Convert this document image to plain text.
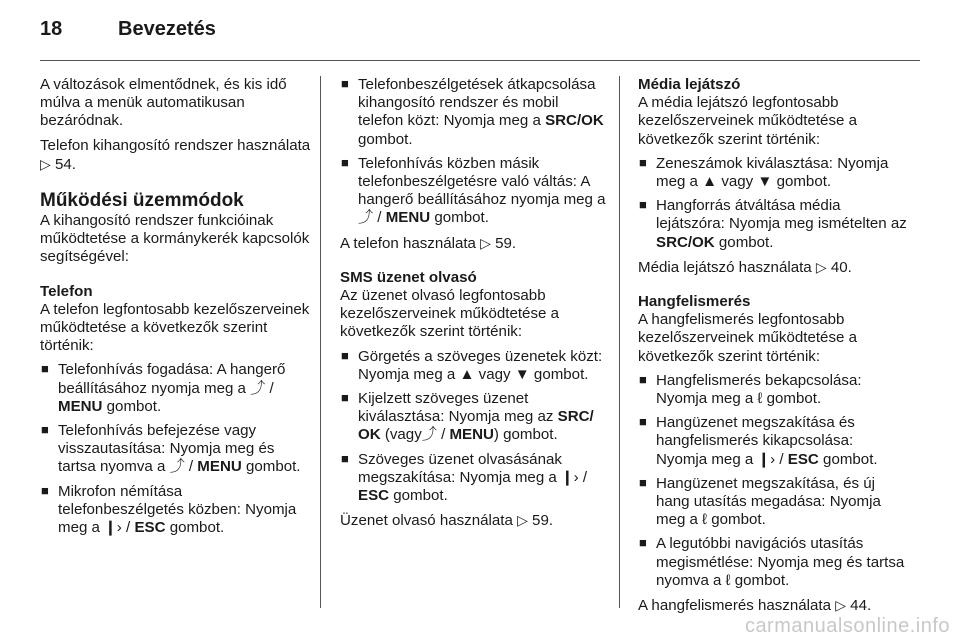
18	Bevezetés

A változások elmentődnek, és kis idő múlva a menük automatikusan bezáródnak.

Telefon kihangosító rendszer használata ▷ 54.

Működési üzemmódok

A kihangosító rendszer funkcióinak működtetése a kormánykerék kapcsolók segítségével:

Telefon

A telefon legfontosabb kezelőszerveinek működtetése a következők szerint történik:

■ Telefonhívás fogadása: A hangerő beállításához nyomja meg a ⤴ / MENU gombot.
■ Telefonhívás befejezése vagy visszautasítása: Nyomja meg és tartsa nyomva a ⤴ / MENU gombot.
■ Mikrofon némítása telefonbeszélgetés közben: Nyomja meg a ❙› / ESC gombot.
■ Telefonbeszélgetések átkapcsolása kihangosító rendszer és mobil telefon közt: Nyomja meg a SRC/OK gombot.
■ Telefonhívás közben másik telefonbeszélgetésre való váltás: A hangerő beállításához nyomja meg a ⤴ / MENU gombot.

A telefon használata ▷ 59.

SMS üzenet olvasó

Az üzenet olvasó legfontosabb kezelőszerveinek működtetése a következők szerint történik:

■ Görgetés a szöveges üzenetek közt: Nyomja meg a ▲ vagy ▼ gombot.
■ Kijelzett szöveges üzenet kiválasztása: Nyomja meg az SRC/ OK (vagy⤴ / MENU) gombot.
■ Szöveges üzenet olvasásának megszakítása: Nyomja meg a ❙› / ESC gombot.

Üzenet olvasó használata ▷ 59.

Média lejátszó

A média lejátszó legfontosabb kezelőszerveinek működtetése a következők szerint történik:

■ Zeneszámok kiválasztása: Nyomja meg a ▲ vagy ▼ gombot.
■ Hangforrás átváltása média lejátszóra: Nyomja meg ismételten az SRC/OK gombot.

Média lejátszó használata ▷ 40.

Hangfelismerés

A hangfelismerés legfontosabb kezelőszerveinek működtetése a következők szerint történik:

■ Hangfelismerés bekapcsolása: Nyomja meg a ℓ gombot.
■ Hangüzenet megszakítása és hangfelismerés kikapcsolása: Nyomja meg a ❙› / ESC gombot.
■ Hangüzenet megszakítása, és új hang utasítás megadása: Nyomja meg a ℓ gombot.
■ A legutóbbi navigációs utasítás megismétlése: Nyomja meg és tartsa nyomva a ℓ gombot.

A hangfelismerés használata ▷ 44.

carmanualsonline.info
